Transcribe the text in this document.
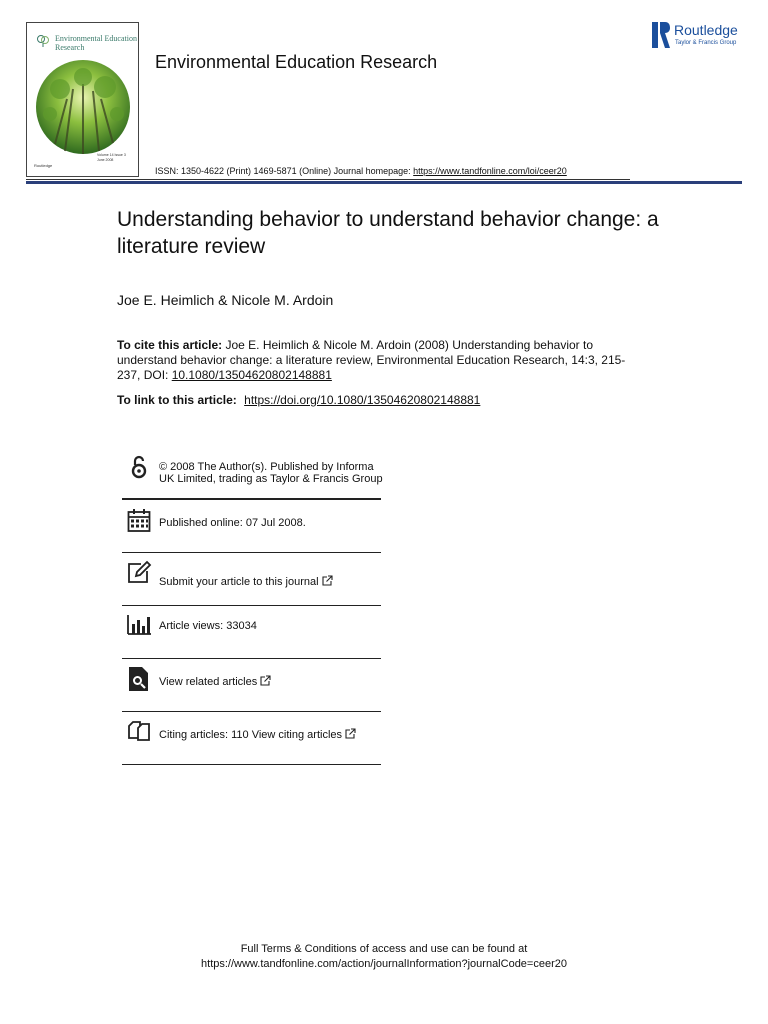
Environmental Education Research
Routledge
Volume 14 Issue 3 June 2008
Environmental Education Research
Routledge
Taylor & Francis Group
ISSN: 1350-4622 (Print) 1469-5871 (Online) Journal homepage: https://www.tandfonline.com/loi/ceer20
Understanding behavior to understand behavior change: a literature review
Joe E. Heimlich & Nicole M. Ardoin
To cite this article: Joe E. Heimlich & Nicole M. Ardoin (2008) Understanding behavior to understand behavior change: a literature review, Environmental Education Research, 14:3, 215-237, DOI: 10.1080/13504620802148881
To link to this article: https://doi.org/10.1080/13504620802148881
© 2008 The Author(s). Published by Informa UK Limited, trading as Taylor & Francis Group
Published online: 07 Jul 2008.
Submit your article to this journal
Article views: 33034
View related articles
Citing articles: 110 View citing articles
Full Terms & Conditions of access and use can be found at
https://www.tandfonline.com/action/journalInformation?journalCode=ceer20
